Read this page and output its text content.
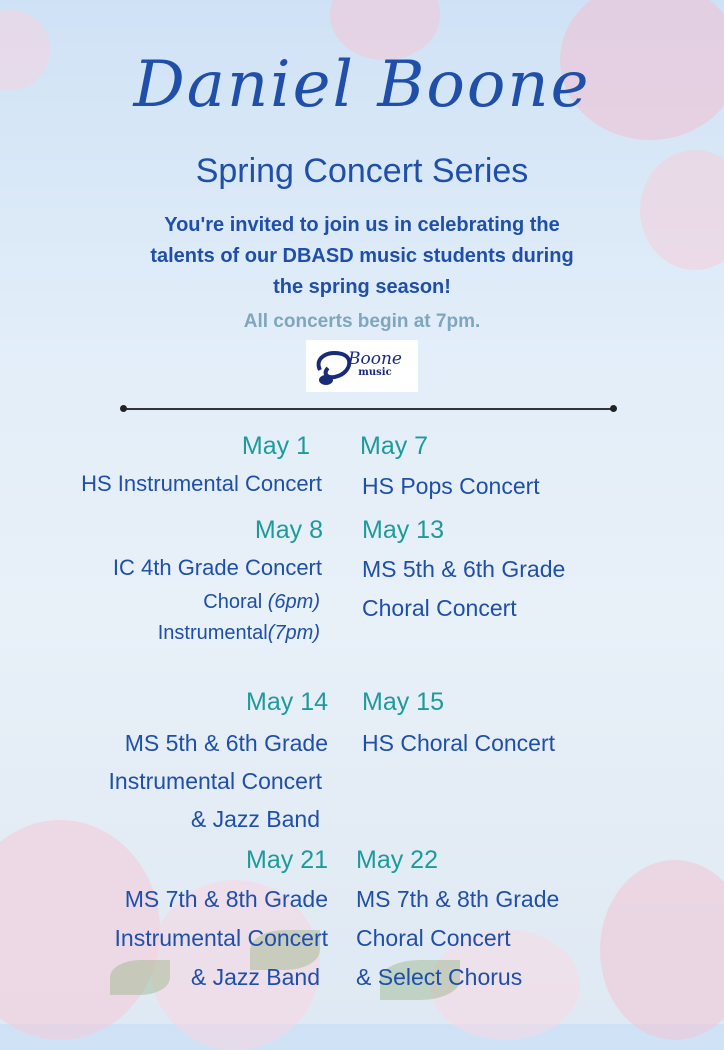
Daniel Boone
Spring Concert Series
You're invited to join us in celebrating the
talents of our DBASD music students during
the spring season!
All concerts begin at 7pm.
Boone
music
May 1
HS Instrumental Concert
May 7
HS Pops Concert
May 8
IC 4th Grade Concert
Choral (6pm)
Instrumental(7pm)
May 13
MS 5th & 6th Grade
Choral Concert
May 14
MS 5th & 6th Grade
Instrumental Concert
& Jazz Band
May 15
HS Choral Concert
May 21
MS 7th & 8th Grade
Instrumental Concert
& Jazz Band
May 22
MS 7th & 8th Grade
Choral Concert
& Select Chorus
